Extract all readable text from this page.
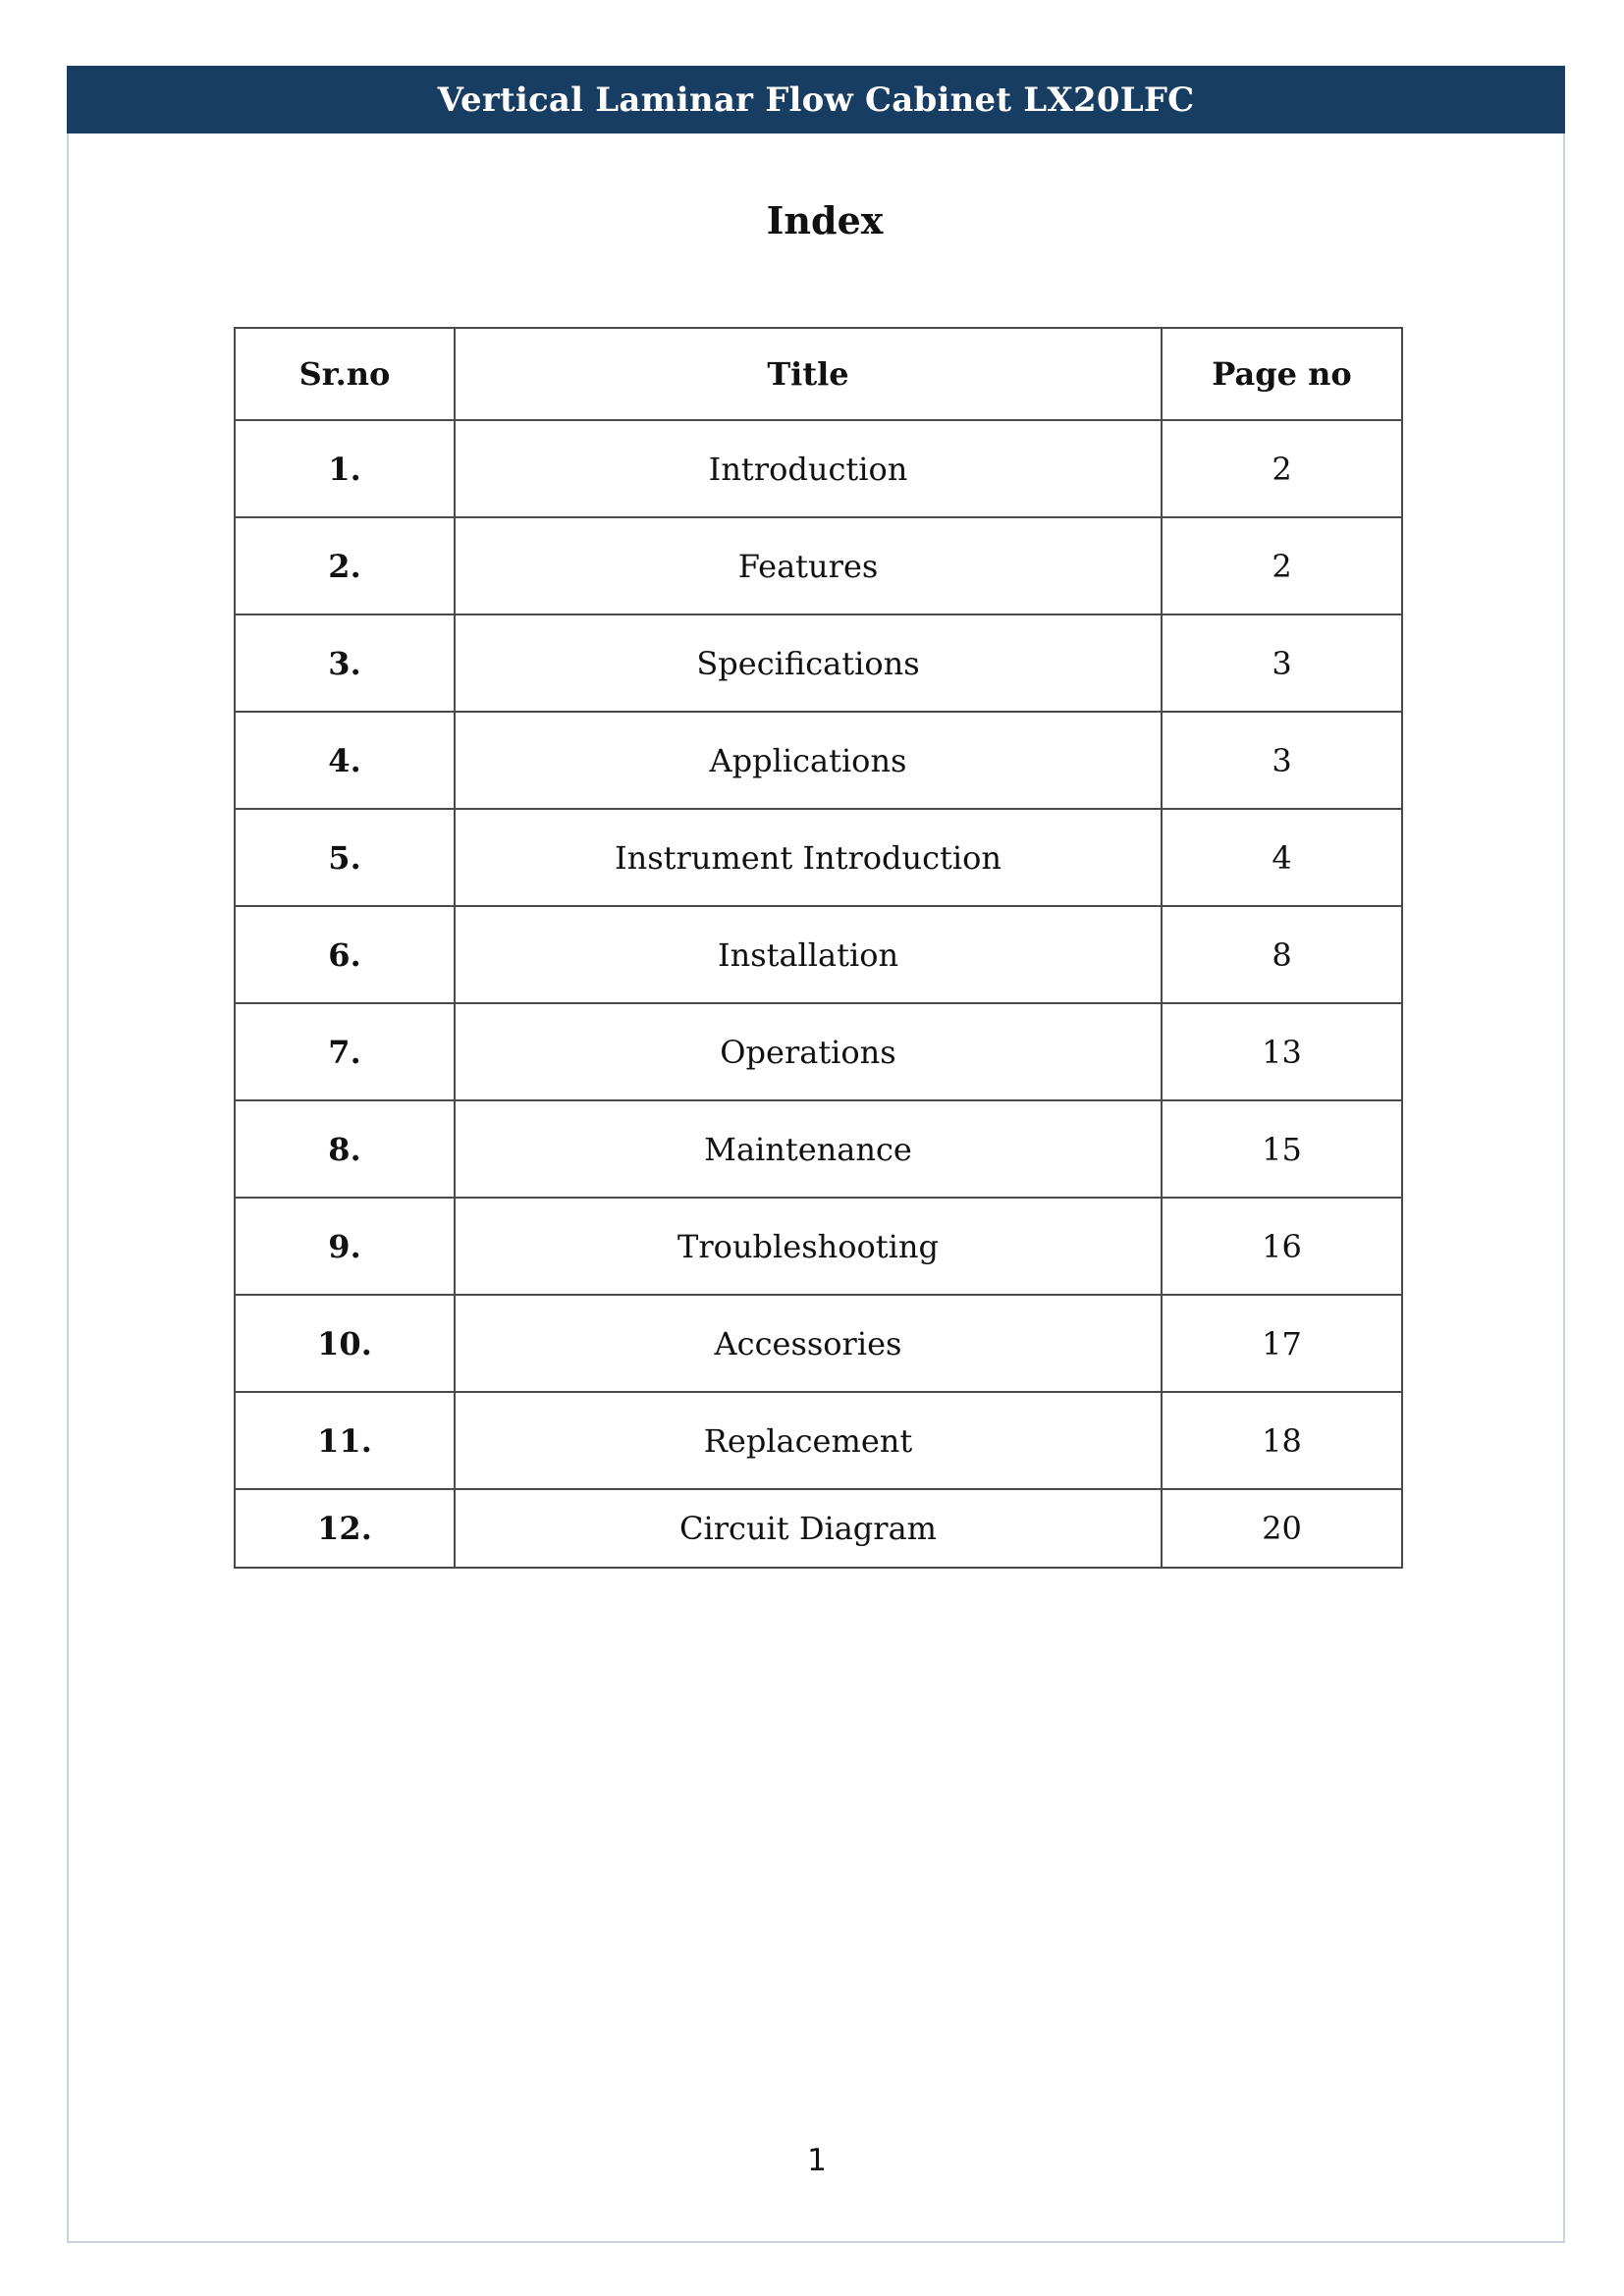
Vertical Laminar Flow Cabinet LX20LFC
Index
Sr.no	Title	Page no
1.	Introduction	2
2.	Features	2
3.	Specifications	3
4.	Applications	3
5.	Instrument Introduction	4
6.	Installation	8
7.	Operations	13
8.	Maintenance	15
9.	Troubleshooting	16
10.	Accessories	17
11.	Replacement	18
12.	Circuit Diagram	20
1
